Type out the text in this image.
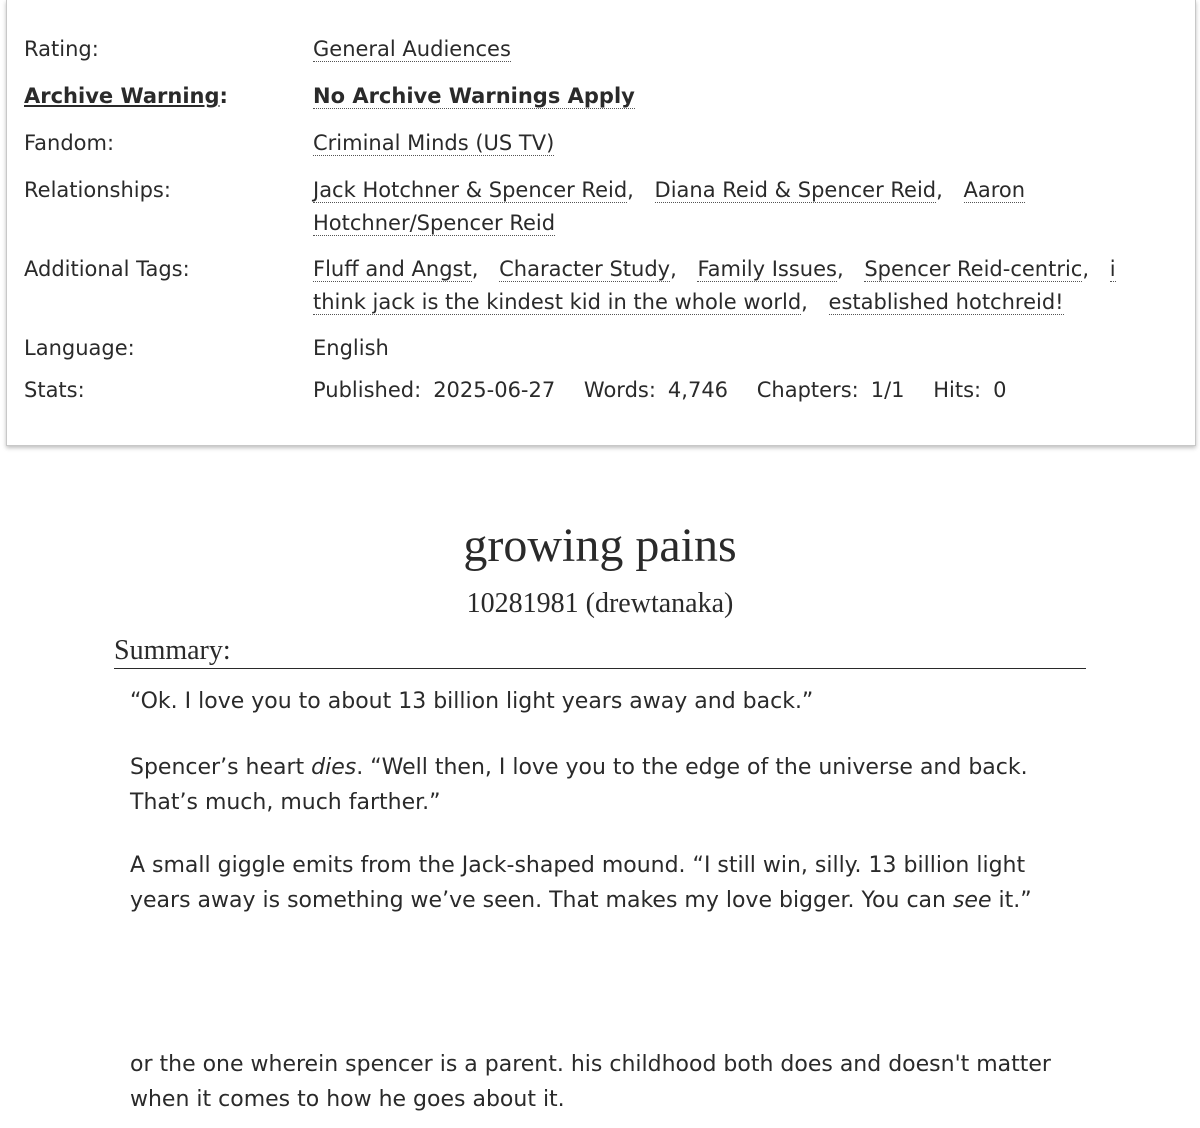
Rating:	General Audiences
Archive Warning:	No Archive Warnings Apply
Fandom:	Criminal Minds (US TV)
Relationships:	Jack Hotchner & Spencer Reid, Diana Reid & Spencer Reid, Aaron Hotchner/Spencer Reid
Additional Tags:	Fluff and Angst, Character Study, Family Issues, Spencer Reid-centric, i think jack is the kindest kid in the whole world, established hotchreid!
Language:	English
Stats:	Published: 2025-06-27 Words: 4,746 Chapters: 1/1 Hits: 0
growing pains
10281981 (drewtanaka)
Summary:

“Ok. I love you to about 13 billion light years away and back.”

Spencer’s heart dies. “Well then, I love you to the edge of the universe and back. That’s much, much farther.”

A small giggle emits from the Jack-shaped mound. “I still win, silly. 13 billion light years away is something we’ve seen. That makes my love bigger. You can see it.”

or the one wherein spencer is a parent. his childhood both does and doesn't matter when it comes to how he goes about it.
